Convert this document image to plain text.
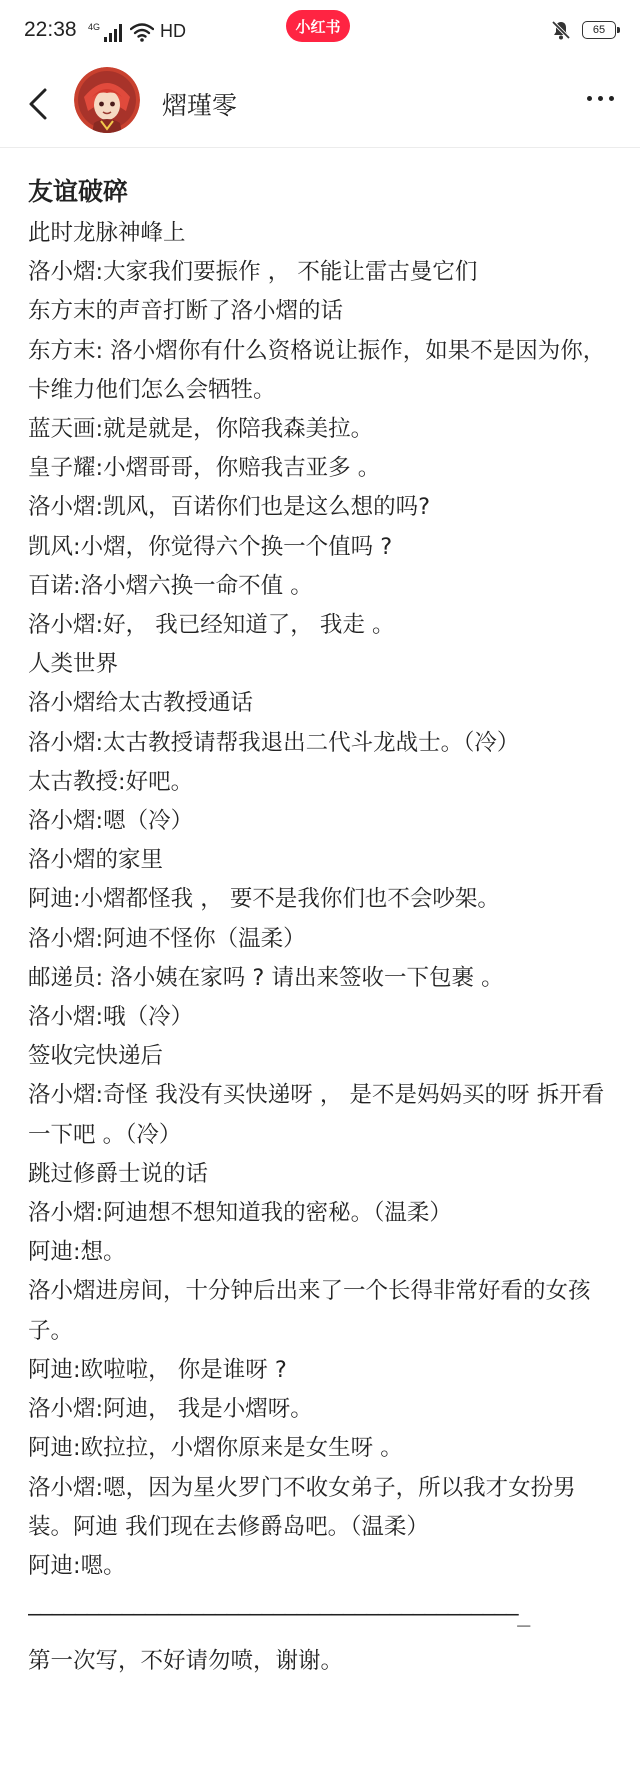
22:38 4G	HD	小红书	65
熠瑾零
友谊破碎
此时龙脉神峰上
洛小熠:大家我们要振作 ， 不能让雷古曼它们
东方末的声音打断了洛小熠的话
东方末: 洛小熠你有什么资格说让振作，如果不是因为你，卡维力他们怎么会牺牲。
蓝天画:就是就是，你陪我森美拉。
皇子耀:小熠哥哥，你赔我吉亚多 。
洛小熠:凯风，百诺你们也是这么想的吗?
凯风:小熠，你觉得六个换一个值吗 ?
百诺:洛小熠六换一命不值 。
洛小熠:好， 我已经知道了， 我走 。
人类世界
洛小熠给太古教授通话
洛小熠:太古教授请帮我退出二代斗龙战士。（冷）
太古教授:好吧。
洛小熠:嗯（冷）
洛小熠的家里
阿迪:小熠都怪我 ， 要不是我你们也不会吵架。
洛小熠:阿迪不怪你（温柔）
邮递员: 洛小姨在家吗 ? 请出来签收一下包裹 。
洛小熠:哦（冷）
签收完快递后
洛小熠:奇怪 我没有买快递呀 ， 是不是妈妈买的呀 拆开看一下吧 。（冷）
跳过修爵士说的话
洛小熠:阿迪想不想知道我的密秘。（温柔）
阿迪:想。
洛小熠进房间，十分钟后出来了一个长得非常好看的女孩子。
阿迪:欧啦啦， 你是谁呀 ?
洛小熠:阿迪， 我是小熠呀。
阿迪:欧拉拉，小熠你原来是女生呀 。
洛小熠:嗯，因为星火罗门不收女弟子，所以我才女扮男装。阿迪 我们现在去修爵岛吧。（温柔）
阿迪:嗯。
——————————————————————————————————————————_
第一次写，不好请勿喷，谢谢。
